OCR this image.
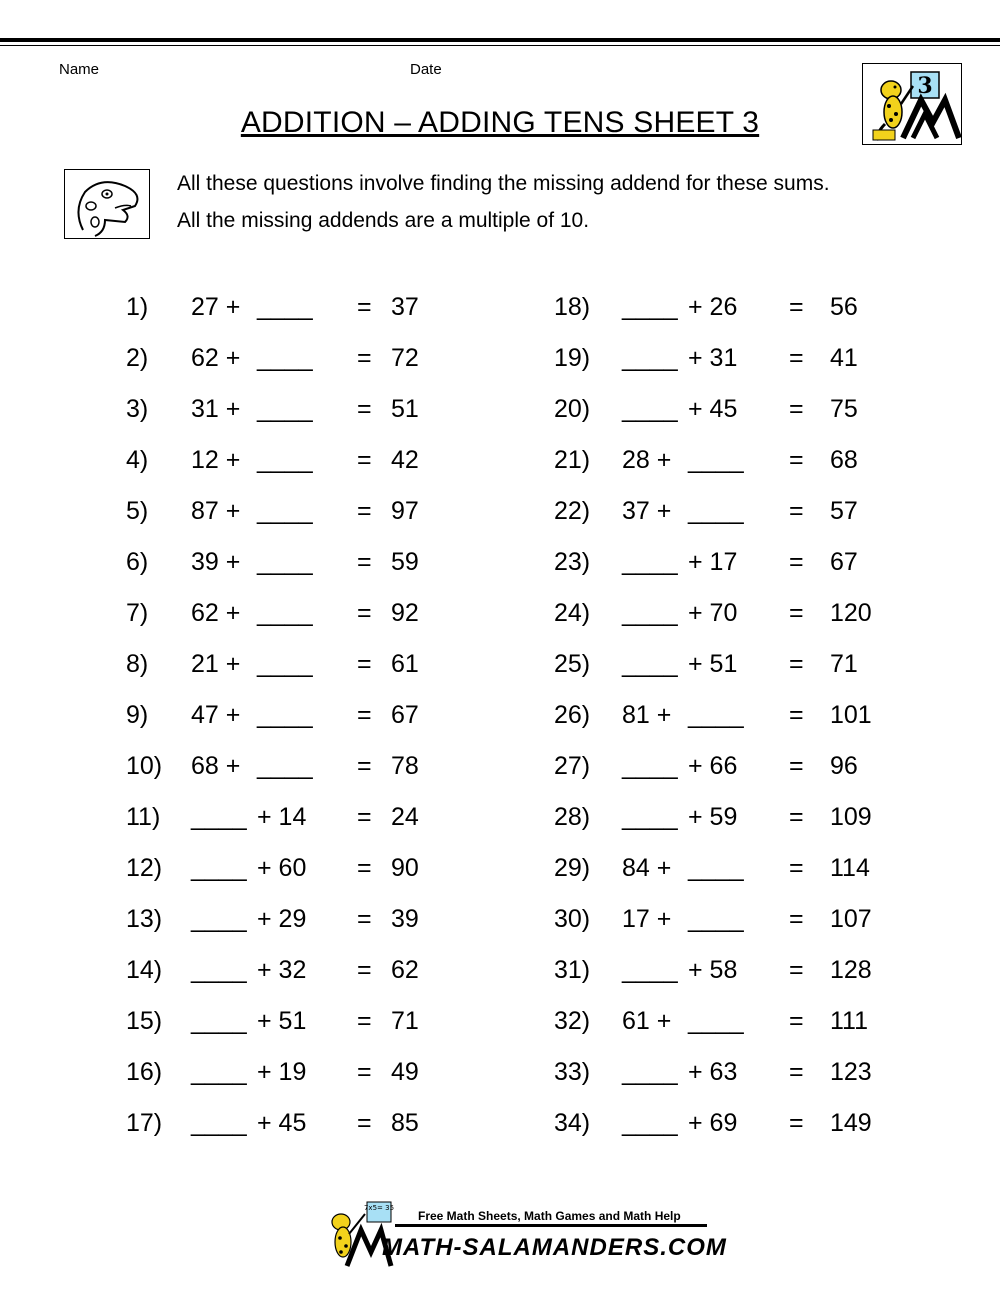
Name	Date
3
ADDITION – ADDING TENS SHEET 3
All these questions involve finding the missing addend for these sums.
All the missing addends are a multiple of 10.
1) 27 + ____ = 37
2) 62 + ____ = 72
3) 31 + ____ = 51
4) 12 + ____ = 42
5) 87 + ____ = 97
6) 39 + ____ = 59
7) 62 + ____ = 92
8) 21 + ____ = 61
9) 47 + ____ = 67
10) 68 + ____ = 78
11) ____ + 14 = 24
12) ____ + 60 = 90
13) ____ + 29 = 39
14) ____ + 32 = 62
15) ____ + 51 = 71
16) ____ + 19 = 49
17) ____ + 45 = 85
18) ____ + 26 = 56
19) ____ + 31 = 41
20) ____ + 45 = 75
21) 28 + ____ = 68
22) 37 + ____ = 57
23) ____ + 17 = 67
24) ____ + 70 = 120
25) ____ + 51 = 71
26) 81 + ____ = 101
27) ____ + 66 = 96
28) ____ + 59 = 109
29) 84 + ____ = 114
30) 17 + ____ = 107
31) ____ + 58 = 128
32) 61 + ____ = 111
33) ____ + 63 = 123
34) ____ + 69 = 149
7x5= 35
Free Math Sheets, Math Games and Math Help
MATH-SALAMANDERS.COM
